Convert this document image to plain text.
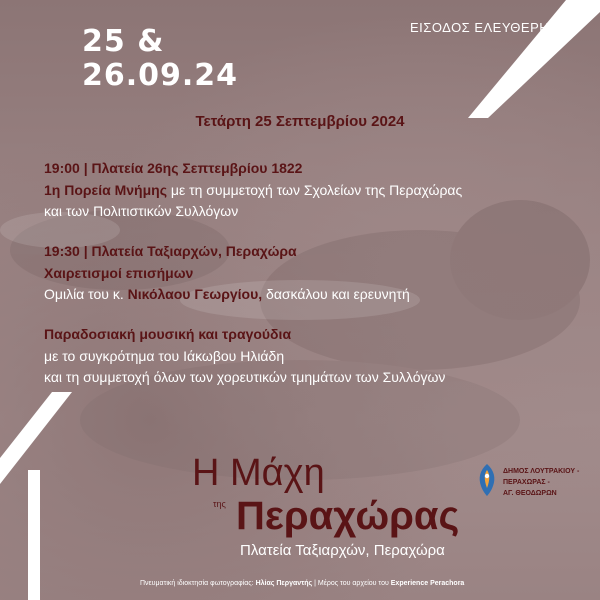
25 &
26.09.24
ΕΙΣΟΔΟΣ ΕΛΕΥΘΕΡΗ
Τετάρτη 25 Σεπτεμβρίου 2024
19:00 | Πλατεία 26ης Σεπτεμβρίου 1822
1η Πορεία Μνήμης με τη συμμετοχή των Σχολείων της Περαχώρας
και των Πολιτιστικών Συλλόγων
19:30 | Πλατεία Ταξιαρχών, Περαχώρα
Χαιρετισμοί επισήμων
Ομιλία του κ. Νικόλαου Γεωργίου, δασκάλου και ερευνητή
Παραδοσιακή μουσική και τραγούδια
με το συγκρότημα του Ιάκωβου Ηλιάδη
και τη συμμετοχή όλων των χορευτικών τμημάτων των Συλλόγων
Η Μάχη
της Περαχώρας
Πλατεία Ταξιαρχών, Περαχώρα
ΔΗΜΟΣ ΛΟΥΤΡΑΚΙΟΥ -
ΠΕΡΑΧΩΡΑΣ -
ΑΓ. ΘΕΟΔΩΡΩΝ
Πνευματική ιδιοκτησία φωτογραφίας: Ηλίας Περγαντής | Μέρος του αρχείου του Experience Perachora
